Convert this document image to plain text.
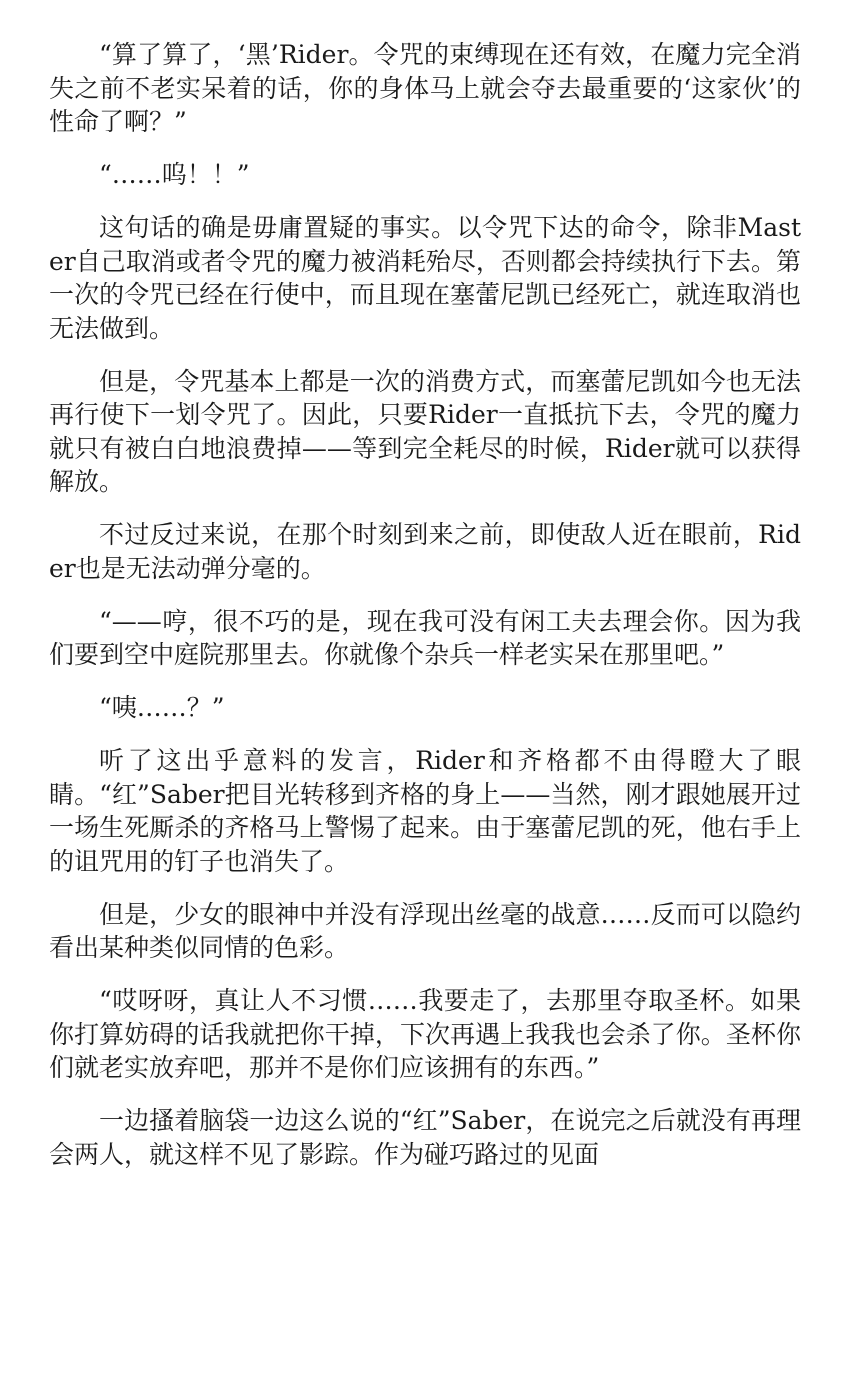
“算了算了，‘黑’Rider。令咒的束缚现在还有效，在魔力完全消失之前不老实呆着的话，你的身体马上就会夺去最重要的‘这家伙’的性命了啊？”

“……呜！！”

这句话的确是毋庸置疑的事实。以令咒下达的命令，除非Master自己取消或者令咒的魔力被消耗殆尽，否则都会持续执行下去。第一次的令咒已经在行使中，而且现在塞蕾尼凯已经死亡，就连取消也无法做到。

但是，令咒基本上都是一次的消费方式，而塞蕾尼凯如今也无法再行使下一划令咒了。因此，只要Rider一直抵抗下去，令咒的魔力就只有被白白地浪费掉——等到完全耗尽的时候，Rider就可以获得解放。

不过反过来说，在那个时刻到来之前，即使敌人近在眼前，Rider也是无法动弹分毫的。

“——哼，很不巧的是，现在我可没有闲工夫去理会你。因为我们要到空中庭院那里去。你就像个杂兵一样老实呆在那里吧。”

“咦……？”

听了这出乎意料的发言，Rider和齐格都不由得瞪大了眼睛。“红”Saber把目光转移到齐格的身上——当然，刚才跟她展开过一场生死厮杀的齐格马上警惕了起来。由于塞蕾尼凯的死，他右手上的诅咒用的钉子也消失了。

但是，少女的眼神中并没有浮现出丝毫的战意……反而可以隐约看出某种类似同情的色彩。

“哎呀呀，真让人不习惯……我要走了，去那里夺取圣杯。如果你打算妨碍的话我就把你干掉，下次再遇上我我也会杀了你。圣杯你们就老实放弃吧，那并不是你们应该拥有的东西。”

一边搔着脑袋一边这么说的“红”Saber，在说完之后就没有再理会两人，就这样不见了影踪。作为碰巧路过的见面
